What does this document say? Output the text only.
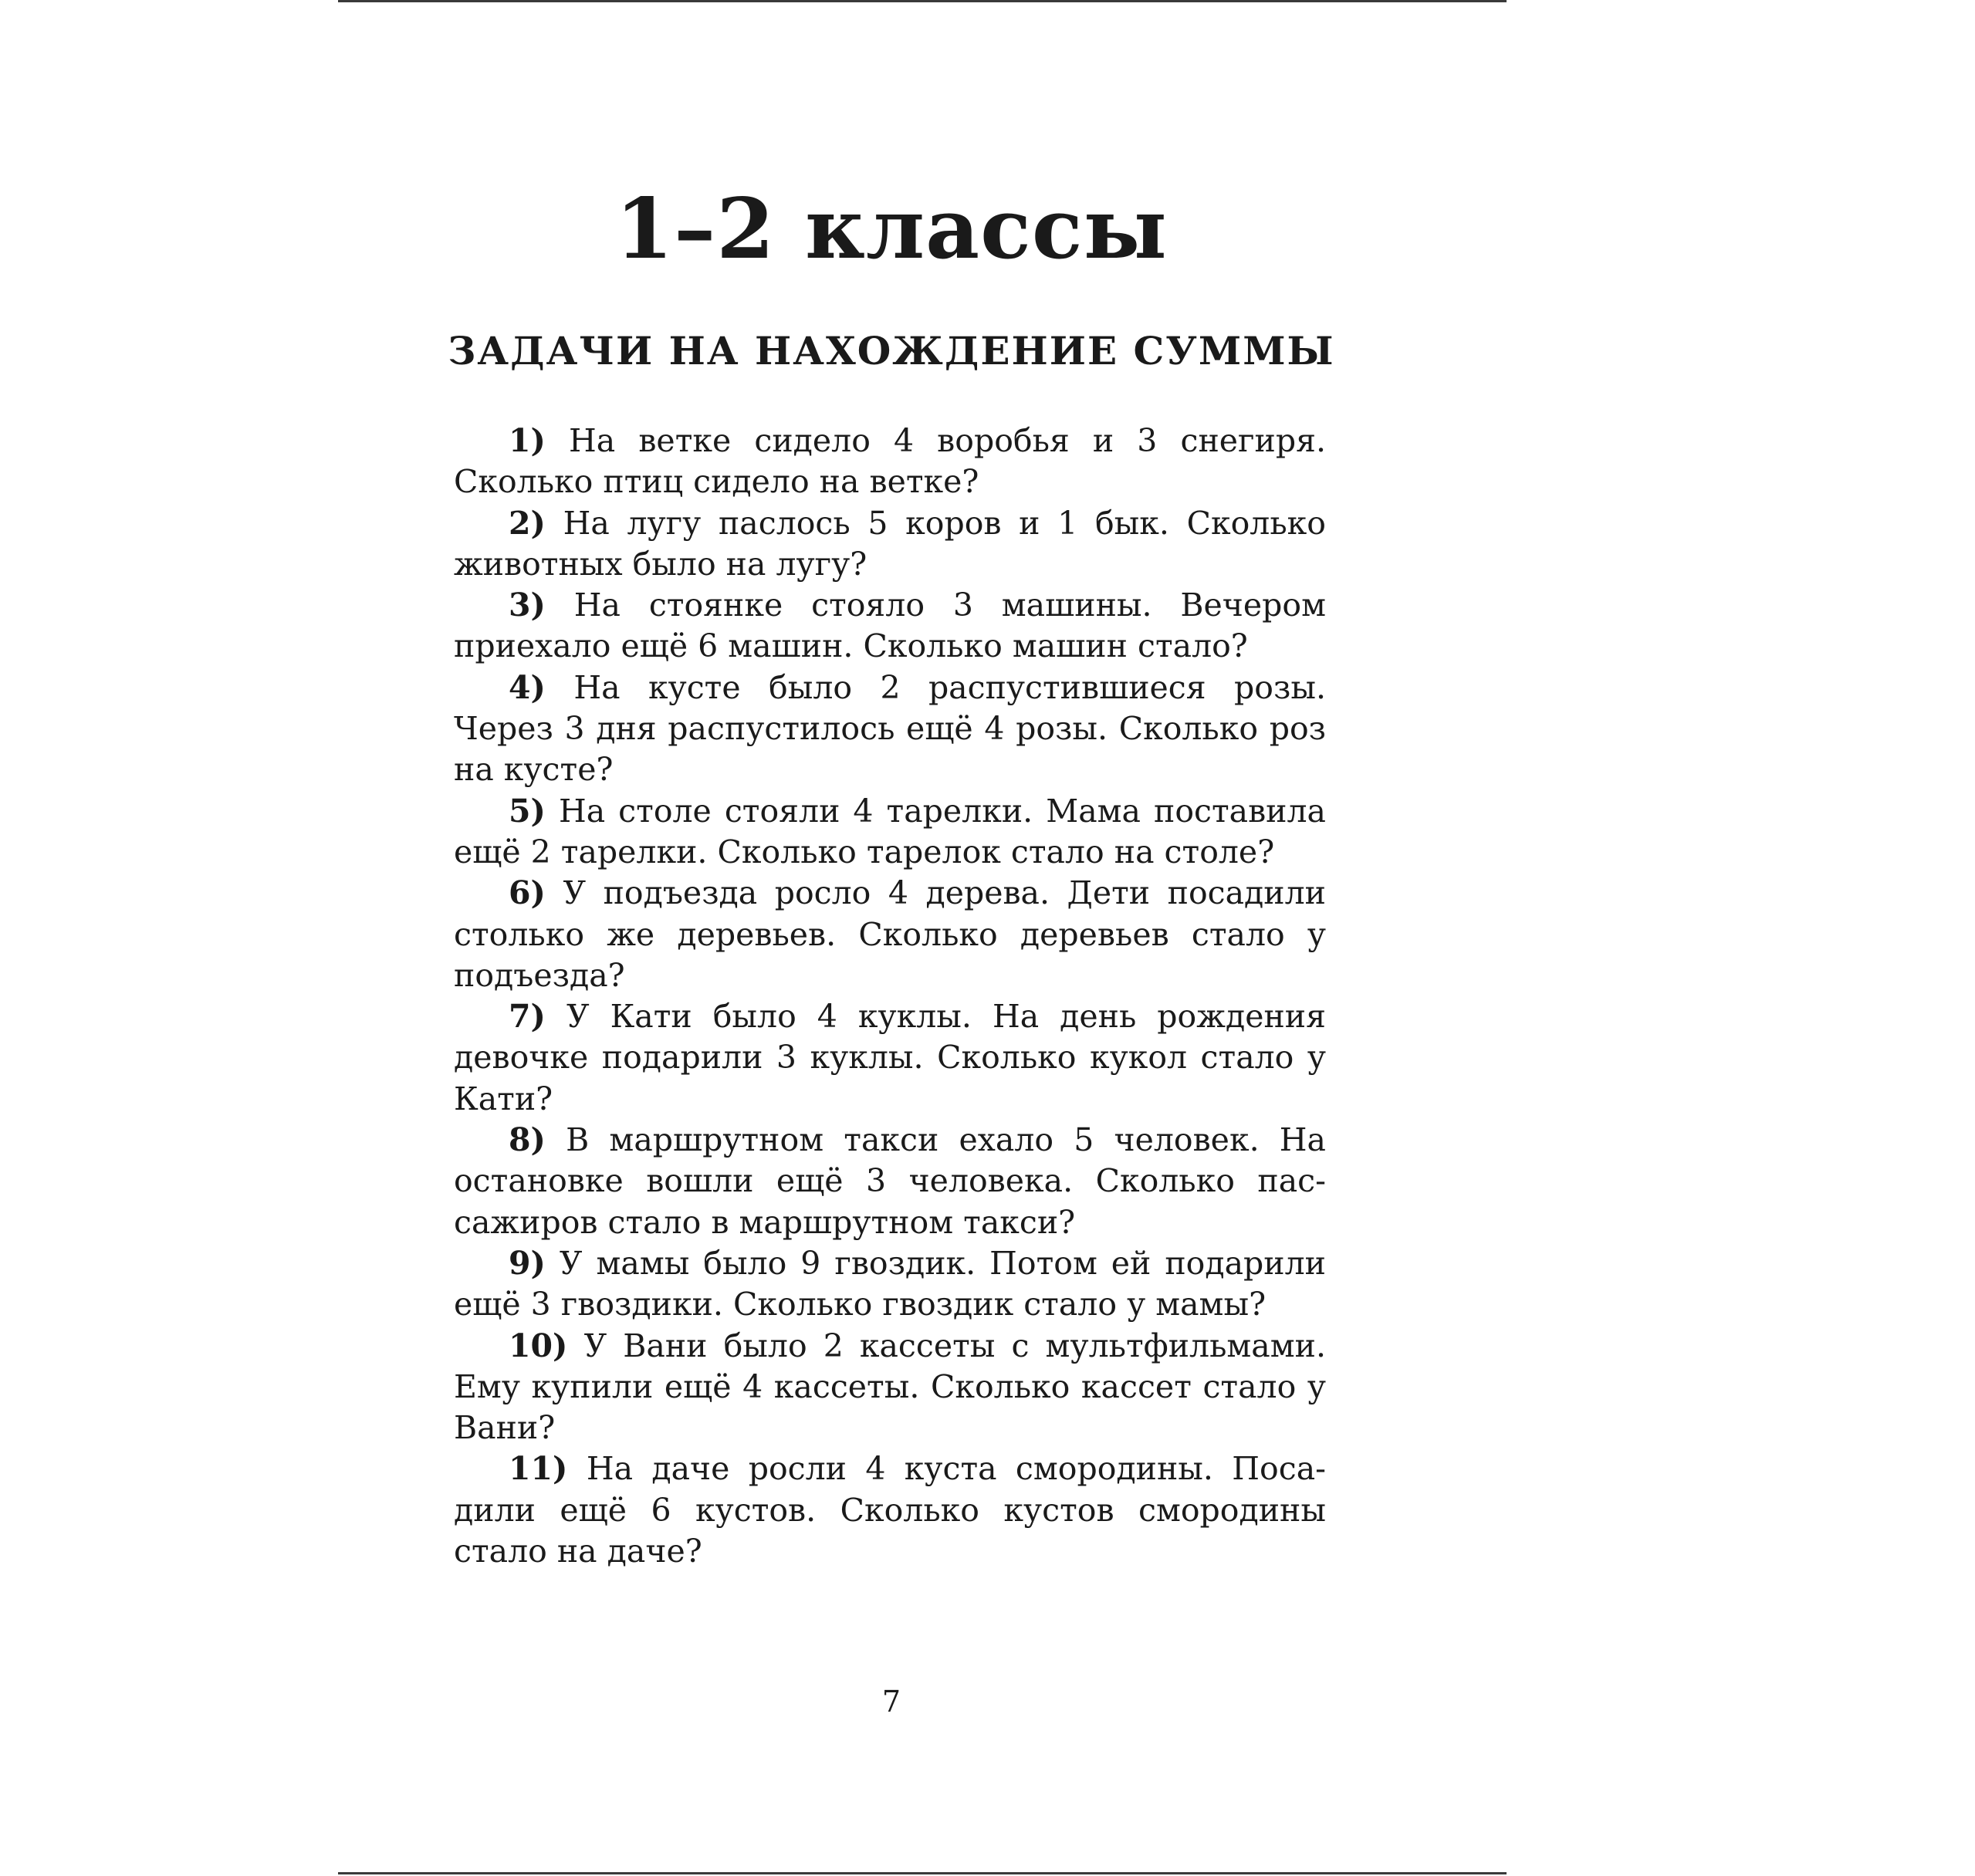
1–2 классы
ЗАДАЧИ НА НАХОЖДЕНИЕ СУММЫ
1) На ветке сидело 4 воробья и 3 снегиря. Сколько птиц сидело на ветке?
2) На лугу паслось 5 коров и 1 бык. Сколько животных было на лугу?
3) На стоянке стояло 3 машины. Вечером приехало ещё 6 машин. Сколько машин стало?
4) На кусте было 2 распустившиеся розы. Через 3 дня распустилось ещё 4 розы. Сколько роз на кусте?
5) На столе стояли 4 тарелки. Мама поставила ещё 2 тарелки. Сколько тарелок стало на столе?
6) У подъезда росло 4 дерева. Дети посадили столько же деревьев. Сколько деревьев стало у подъезда?
7) У Кати было 4 куклы. На день рождения девочке подарили 3 куклы. Сколько кукол стало у Кати?
8) В маршрутном такси ехало 5 человек. На остановке вошли ещё 3 человека. Сколько пассажиров стало в маршрутном такси?
9) У мамы было 9 гвоздик. Потом ей подарили ещё 3 гвоздики. Сколько гвоздик стало у мамы?
10) У Вани было 2 кассеты с мультфильмами. Ему купили ещё 4 кассеты. Сколько кассет стало у Вани?
11) На даче росли 4 куста смородины. Посадили ещё 6 кустов. Сколько кустов смородины стало на даче?
7
